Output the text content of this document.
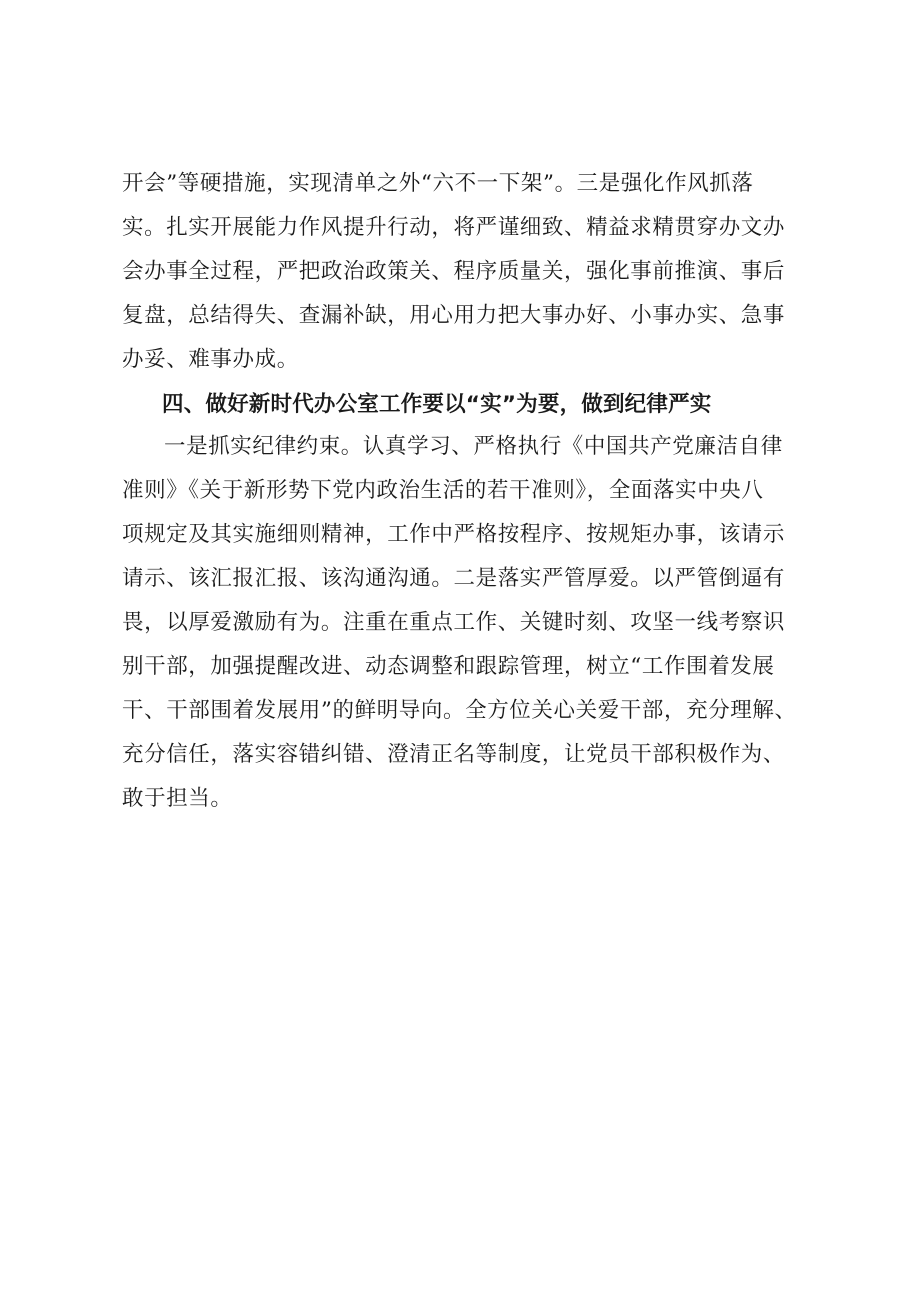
开会”等硬措施，实现清单之外“六不一下架”。三是强化作风抓落
实。扎实开展能力作风提升行动，将严谨细致、精益求精贯穿办文办
会办事全过程，严把政治政策关、程序质量关，强化事前推演、事后
复盘，总结得失、查漏补缺，用心用力把大事办好、小事办实、急事
办妥、难事办成。
四、做好新时代办公室工作要以“实”为要，做到纪律严实
一是抓实纪律约束。认真学习、严格执行《中国共产党廉洁自律
准则》《关于新形势下党内政治生活的若干准则》，全面落实中央八
项规定及其实施细则精神，工作中严格按程序、按规矩办事，该请示
请示、该汇报汇报、该沟通沟通。二是落实严管厚爱。以严管倒逼有
畏，以厚爱激励有为。注重在重点工作、关键时刻、攻坚一线考察识
别干部，加强提醒改进、动态调整和跟踪管理，树立“工作围着发展
干、干部围着发展用”的鲜明导向。全方位关心关爱干部，充分理解、
充分信任，落实容错纠错、澄清正名等制度，让党员干部积极作为、
敢于担当。
